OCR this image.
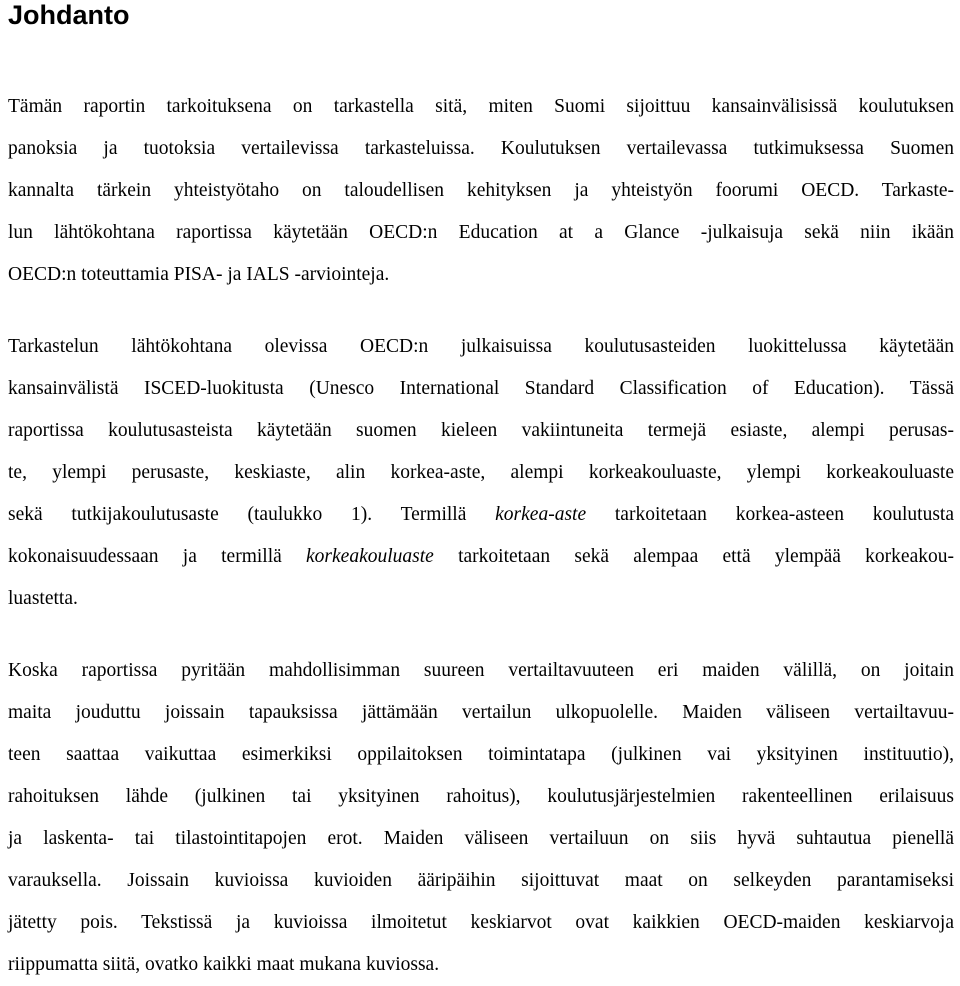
Johdanto
Tämän raportin tarkoituksena on tarkastella sitä, miten Suomi sijoittuu kansainvälisissä koulutuksen
panoksia ja tuotoksia vertailevissa tarkasteluissa. Koulutuksen vertailevassa tutkimuksessa Suomen
kannalta tärkein yhteistyötaho on taloudellisen kehityksen ja yhteistyön foorumi OECD. Tarkaste-
lun lähtökohtana raportissa käytetään OECD:n Education at a Glance -julkaisuja sekä niin ikään
OECD:n toteuttamia PISA- ja IALS -arviointeja.
Tarkastelun lähtökohtana olevissa OECD:n julkaisuissa koulutusasteiden luokittelussa käytetään
kansainvälistä ISCED-luokitusta (Unesco International Standard Classification of Education). Tässä
raportissa koulutusasteista käytetään suomen kieleen vakiintuneita termejä esiaste, alempi perusas-
te, ylempi perusaste, keskiaste, alin korkea-aste, alempi korkeakouluaste, ylempi korkeakouluaste
sekä tutkijakoulutusaste (taulukko 1). Termillä korkea-aste tarkoitetaan korkea-asteen koulutusta
kokonaisuudessaan ja termillä korkeakouluaste tarkoitetaan sekä alempaa että ylempää korkeakou-
luastetta.
Koska raportissa pyritään mahdollisimman suureen vertailtavuuteen eri maiden välillä, on joitain
maita jouduttu joissain tapauksissa jättämään vertailun ulkopuolelle. Maiden väliseen vertailtavuu-
teen saattaa vaikuttaa esimerkiksi oppilaitoksen toimintatapa (julkinen vai yksityinen instituutio),
rahoituksen lähde (julkinen tai yksityinen rahoitus), koulutusjärjestelmien rakenteellinen erilaisuus
ja laskenta- tai tilastointitapojen erot. Maiden väliseen vertailuun on siis hyvä suhtautua pienellä
varauksella. Joissain kuvioissa kuvioiden ääripäihin sijoittuvat maat on selkeyden parantamiseksi
jätetty pois. Tekstissä ja kuvioissa ilmoitetut keskiarvot ovat kaikkien OECD-maiden keskiarvoja
riippumatta siitä, ovatko kaikki maat mukana kuviossa.
